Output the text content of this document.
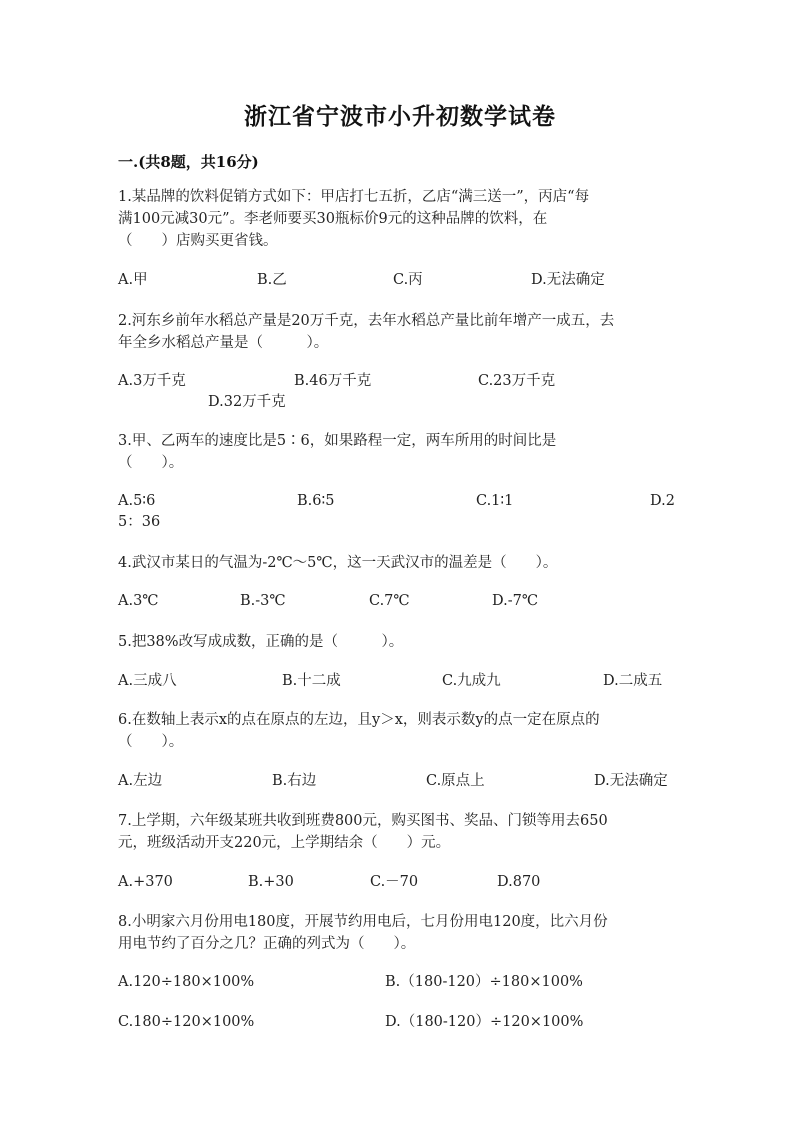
浙江省宁波市小升初数学试卷
一.(共8题，共16分)
1.某品牌的饮料促销方式如下：甲店打七五折，乙店“满三送一”，丙店“每
满100元减30元”。李老师要买30瓶标价9元的这种品牌的饮料，在
（　　）店购买更省钱。
A.甲	B.乙	C.丙	D.无法确定
2.河东乡前年水稻总产量是20万千克，去年水稻总产量比前年增产一成五，去
年全乡水稻总产量是（　　　）。
A.3万千克	B.46万千克	C.23万千克
D.32万千克
3.甲、乙两车的速度比是5∶6，如果路程一定，两车所用的时间比是
（　　）。
A.5∶6	B.6∶5	C.1∶1	D.2
5：36
4.武汉市某日的气温为-2℃～5℃，这一天武汉市的温差是（　　）。
A.3℃	B.-3℃	C.7℃	D.-7℃
5.把38%改写成成数，正确的是（　　　）。
A.三成八	B.十二成	C.九成九	D.二成五
6.在数轴上表示x的点在原点的左边，且y＞x，则表示数y的点一定在原点的
（　　）。
A.左边	B.右边	C.原点上	D.无法确定
7.上学期，六年级某班共收到班费800元，购买图书、奖品、门锁等用去650
元，班级活动开支220元，上学期结余（　　）元。
A.+370	B.+30	C.－70	D.870
8.小明家六月份用电180度，开展节约用电后，七月份用电120度，比六月份
用电节约了百分之几？正确的列式为（　　）。
A.120÷180×100%	B.（180-120）÷180×100%
C.180÷120×100%	D.（180-120）÷120×100%
